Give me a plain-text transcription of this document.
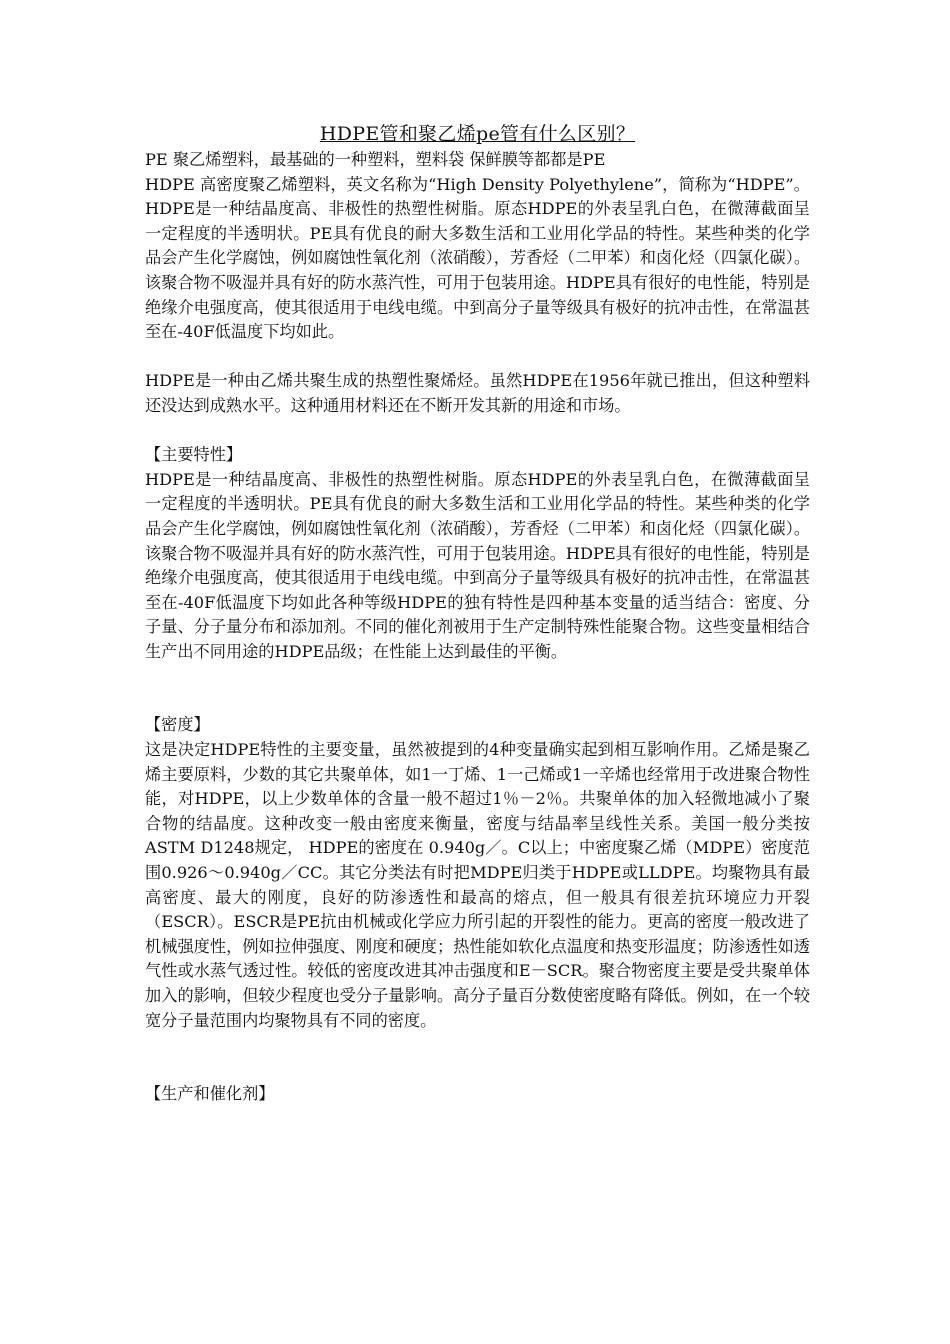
HDPE管和聚乙烯pe管有什么区别？

PE 聚乙烯塑料，最基础的一种塑料，塑料袋 保鲜膜等都都是PE

HDPE 高密度聚乙烯塑料，英文名称为“High Density Polyethylene”，简称为“HDPE”。HDPE是一种结晶度高、非极性的热塑性树脂。原态HDPE的外表呈乳白色，在微薄截面呈一定程度的半透明状。PE具有优良的耐大多数生活和工业用化学品的特性。某些种类的化学品会产生化学腐蚀，例如腐蚀性氧化剂（浓硝酸），芳香烃（二甲苯）和卤化烃（四氯化碳）。该聚合物不吸湿并具有好的防水蒸汽性，可用于包装用途。HDPE具有很好的电性能，特别是绝缘介电强度高，使其很适用于电线电缆。中到高分子量等级具有极好的抗冲击性，在常温甚至在-40F低温度下均如此。

HDPE是一种由乙烯共聚生成的热塑性聚烯烃。虽然HDPE在1956年就已推出，但这种塑料还没达到成熟水平。这种通用材料还在不断开发其新的用途和市场。

【主要特性】

HDPE是一种结晶度高、非极性的热塑性树脂。原态HDPE的外表呈乳白色，在微薄截面呈一定程度的半透明状。PE具有优良的耐大多数生活和工业用化学品的特性。某些种类的化学品会产生化学腐蚀，例如腐蚀性氧化剂（浓硝酸），芳香烃（二甲苯）和卤化烃（四氯化碳）。该聚合物不吸湿并具有好的防水蒸汽性，可用于包装用途。HDPE具有很好的电性能，特别是绝缘介电强度高，使其很适用于电线电缆。中到高分子量等级具有极好的抗冲击性，在常温甚至在-40F低温度下均如此各种等级HDPE的独有特性是四种基本变量的适当结合：密度、分子量、分子量分布和添加剂。不同的催化剂被用于生产定制特殊性能聚合物。这些变量相结合生产出不同用途的HDPE品级；在性能上达到最佳的平衡。

【密度】

这是决定HDPE特性的主要变量，虽然被提到的4种变量确实起到相互影响作用。乙烯是聚乙烯主要原料，少数的其它共聚单体，如1一丁烯、1一己烯或1一辛烯也经常用于改进聚合物性能，对HDPE，以上少数单体的含量一般不超过1％－2％。共聚单体的加入轻微地减小了聚合物的结晶度。这种改变一般由密度来衡量，密度与结晶率呈线性关系。美国一般分类按ASTM D1248规定， HDPE的密度在 0.940g／。C以上；中密度聚乙烯（MDPE）密度范围0.926～0.940g／CC。其它分类法有时把MDPE归类于HDPE或LLDPE。均聚物具有最高密度、最大的刚度，良好的防渗透性和最高的熔点，但一般具有很差抗环境应力开裂（ESCR）。ESCR是PE抗由机械或化学应力所引起的开裂性的能力。更高的密度一般改进了机械强度性，例如拉伸强度、刚度和硬度；热性能如软化点温度和热变形温度；防渗透性如透气性或水蒸气透过性。较低的密度改进其冲击强度和E－SCR。聚合物密度主要是受共聚单体加入的影响，但较少程度也受分子量影响。高分子量百分数使密度略有降低。例如，在一个较宽分子量范围内均聚物具有不同的密度。

【生产和催化剂】
